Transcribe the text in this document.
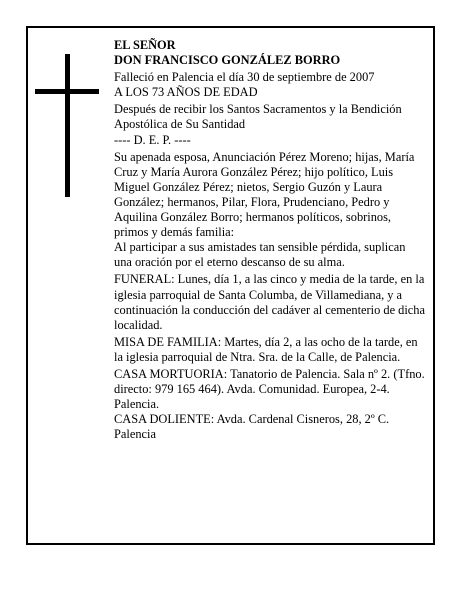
EL SEÑOR

DON FRANCISCO GONZÁLEZ BORRO

Falleció en Palencia el día 30 de septiembre de 2007

A LOS 73 AÑOS DE EDAD

Después de recibir los Santos Sacramentos y la Bendición Apostólica de Su Santidad

---- D. E. P. ----

Su apenada esposa, Anunciación Pérez Moreno; hijas, María Cruz y María Aurora González Pérez; hijo político, Luis Miguel González Pérez; nietos, Sergio Guzón y Laura González; hermanos, Pilar, Flora, Prudenciano, Pedro y Aquilina González Borro; hermanos políticos, sobrinos, primos y demás familia:

Al participar a sus amistades tan sensible pérdida, suplican una oración por el eterno descanso de su alma.

FUNERAL: Lunes, día 1, a las cinco y media de la tarde, en la iglesia parroquial de Santa Columba, de Villamediana, y a continuación la conducción del cadáver al cementerio de dicha localidad.

MISA DE FAMILIA: Martes, día 2, a las ocho de la tarde, en la iglesia parroquial de Ntra. Sra. de la Calle, de Palencia.

CASA MORTUORIA: Tanatorio de Palencia. Sala nº 2. (Tfno. directo: 979 165 464). Avda. Comunidad. Europea, 2-4. Palencia.

CASA DOLIENTE: Avda. Cardenal Cisneros, 28, 2º C. Palencia
